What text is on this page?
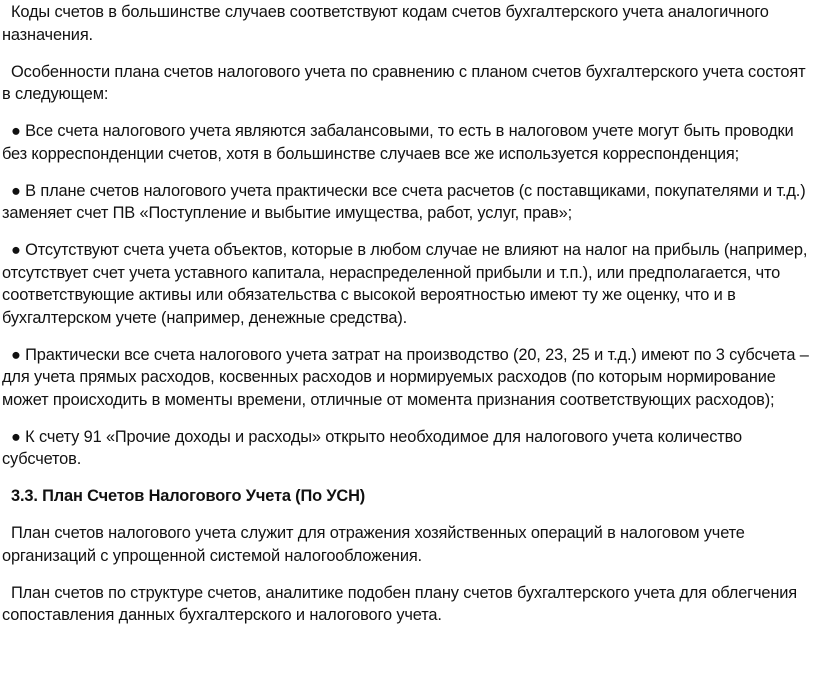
Коды счетов в большинстве случаев соответствуют кодам счетов бухгалтерского учета аналогичного назначения.

Особенности плана счетов налогового учета по сравнению с планом счетов бухгалтерского учета состоят в следующем:

● Все счета налогового учета являются забалансовыми, то есть в налоговом учете могут быть проводки без корреспонденции счетов, хотя в большинстве случаев все же используется корреспонденция;

● В плане счетов налогового учета практически все счета расчетов (с поставщиками, покупателями и т.д.) заменяет счет ПВ «Поступление и выбытие имущества, работ, услуг, прав»;

● Отсутствуют счета учета объектов, которые в любом случае не влияют на налог на прибыль (например, отсутствует счет учета уставного капитала, нераспределенной прибыли и т.п.), или предполагается, что соответствующие активы или обязательства с высокой вероятностью имеют ту же оценку, что и в бухгалтерском учете (например, денежные средства).

● Практически все счета налогового учета затрат на производство (20, 23, 25 и т.д.) имеют по 3 субсчета – для учета прямых расходов, косвенных расходов и нормируемых расходов (по которым нормирование может происходить в моменты времени, отличные от момента признания соответствующих расходов);

● К счету 91 «Прочие доходы и расходы» открыто необходимое для налогового учета количество субсчетов.

3.3. План Счетов Налогового Учета (По УСН)

План счетов налогового учета служит для отражения хозяйственных операций в налоговом учете организаций с упрощенной системой налогообложения.

План счетов по структуре счетов, аналитике подобен плану счетов бухгалтерского учета для облегчения сопоставления данных бухгалтерского и налогового учета.
